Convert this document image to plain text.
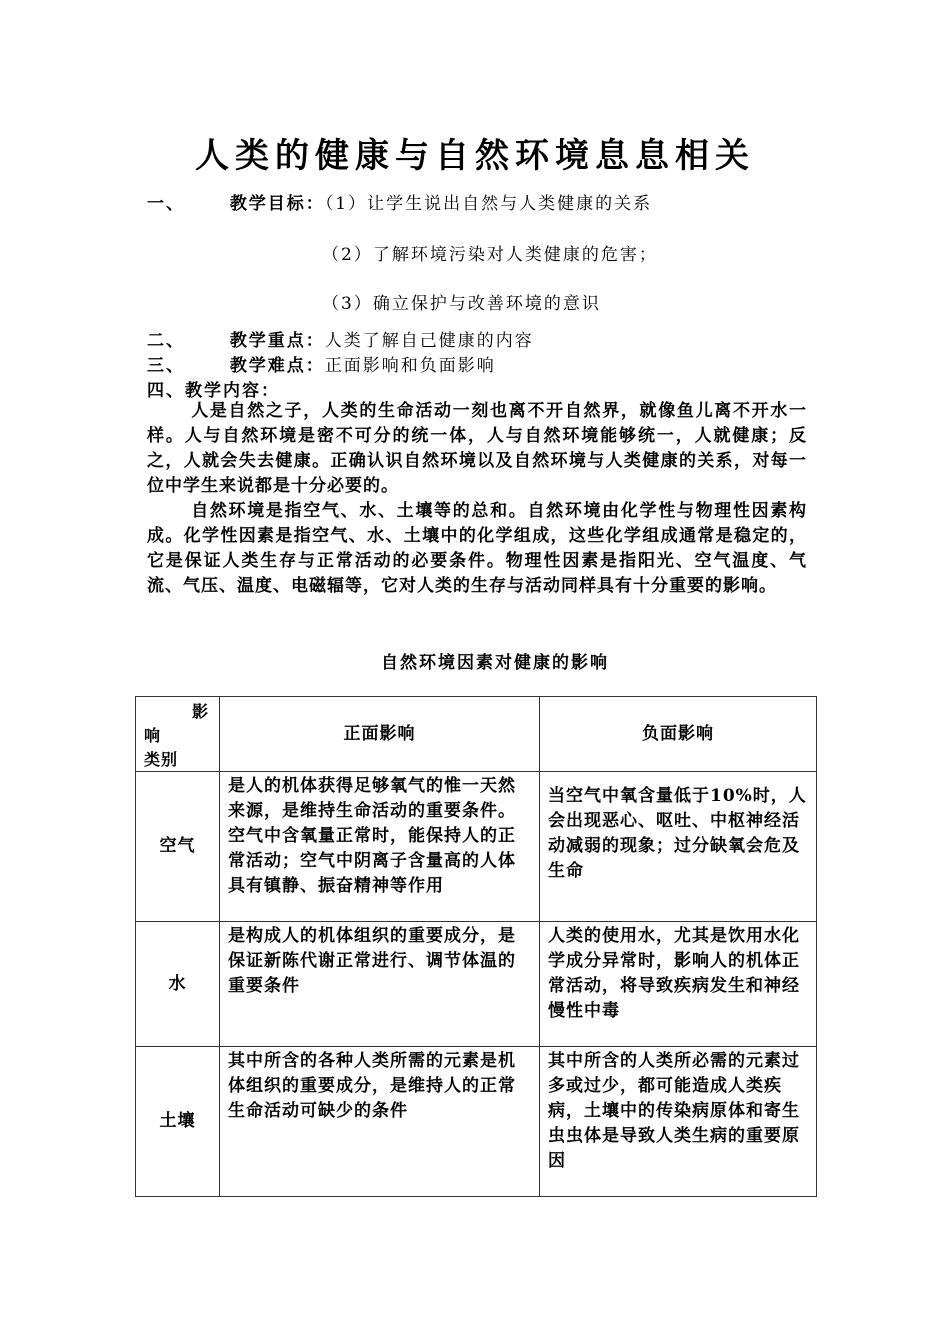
人类的健康与自然环境息息相关
一、	教学目标：（1）让学生说出自然与人类健康的关系
（2）了解环境污染对人类健康的危害；
（3）确立保护与改善环境的意识
二、	教学重点：人类了解自己健康的内容
三、	教学难点：正面影响和负面影响
四、教学内容：

人是自然之子，人类的生命活动一刻也离不开自然界，就像鱼儿离不开水一样。人与自然环境是密不可分的统一体，人与自然环境能够统一，人就健康；反之，人就会失去健康。正确认识自然环境以及自然环境与人类健康的关系，对每一位中学生来说都是十分必要的。

自然环境是指空气、水、土壤等的总和。自然环境由化学性与物理性因素构成。化学性因素是指空气、水、土壤中的化学组成，这些化学组成通常是稳定的，它是保证人类生存与正常活动的必要条件。物理性因素是指阳光、空气温度、气流、气压、温度、电磁辐等，它对人类的生存与活动同样具有十分重要的影响。

自然环境因素对健康的影响
影
响
类别	正面影响	负面影响
空气	是人的机体获得足够氧气的惟一天然来源，是维持生命活动的重要条件。空气中含氧量正常时，能保持人的正常活动；空气中阴离子含量高的人体具有镇静、振奋精神等作用	当空气中氧含量低于10%时，人会出现恶心、呕吐、中枢神经活动减弱的现象；过分缺氧会危及生命
水	是构成人的机体组织的重要成分，是保证新陈代谢正常进行、调节体温的重要条件	人类的使用水，尤其是饮用水化学成分异常时，影响人的机体正常活动，将导致疾病发生和神经慢性中毒
土壤	其中所含的各种人类所需的元素是机体组织的重要成分，是维持人的正常生命活动可缺少的条件	其中所含的人类所必需的元素过多或过少，都可能造成人类疾病，土壤中的传染病原体和寄生虫虫体是导致人类生病的重要原因
